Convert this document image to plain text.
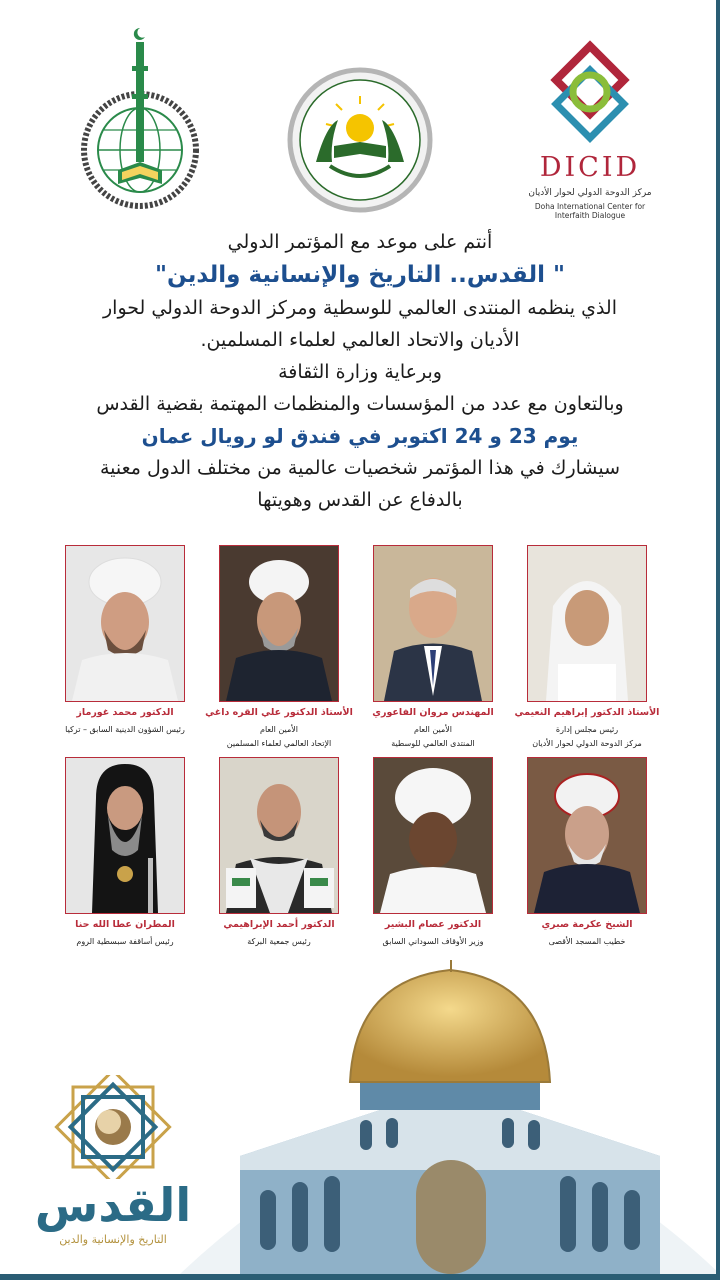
DICID
مركز الدوحة الدولي لحوار الأديان
Doha International Center for Interfaith Dialogue
أنتم على موعد مع المؤتمر الدولي
" القدس.. التاريخ والإنسانية والدين"
الذي ينظمه المنتدى العالمي للوسطية ومركز الدوحة الدولي لحوار
الأديان والاتحاد العالمي لعلماء المسلمين.
وبرعاية وزارة الثقافة
وبالتعاون مع عدد من المؤسسات والمنظمات المهتمة بقضية القدس
يوم 23 و 24 اكتوبر في فندق لو رويال عمان
سيشارك في هذا المؤتمر شخصيات عالمية من مختلف الدول معنية
بالدفاع عن القدس وهويتها
الأستاذ الدكتور إبراهيم النعيمي
رئيس مجلس إدارة
مركز الدوحة الدولي لحوار الأديان
المهندس مروان الفاعوري
الأمين العام
المنتدى العالمي للوسطية
الأستاذ الدكتور علي القره داغي
الأمين العام
الإتحاد العالمي لعلماء المسلمين
الدكتور محمد غورماز
رئيس الشؤون الدينية السابق – تركيا
الشيخ عكرمة صبري
خطيب المسجد الأقصى
الدكتور عصام البشير
وزير الأوقاف السوداني السابق
الدكتور أحمد الإبراهيمي
رئيس جمعية البركة
المطران عطا الله حنا
رئيس أساقفة سبسطية الروم
القدس
التاريخ والإنسانية والدين
